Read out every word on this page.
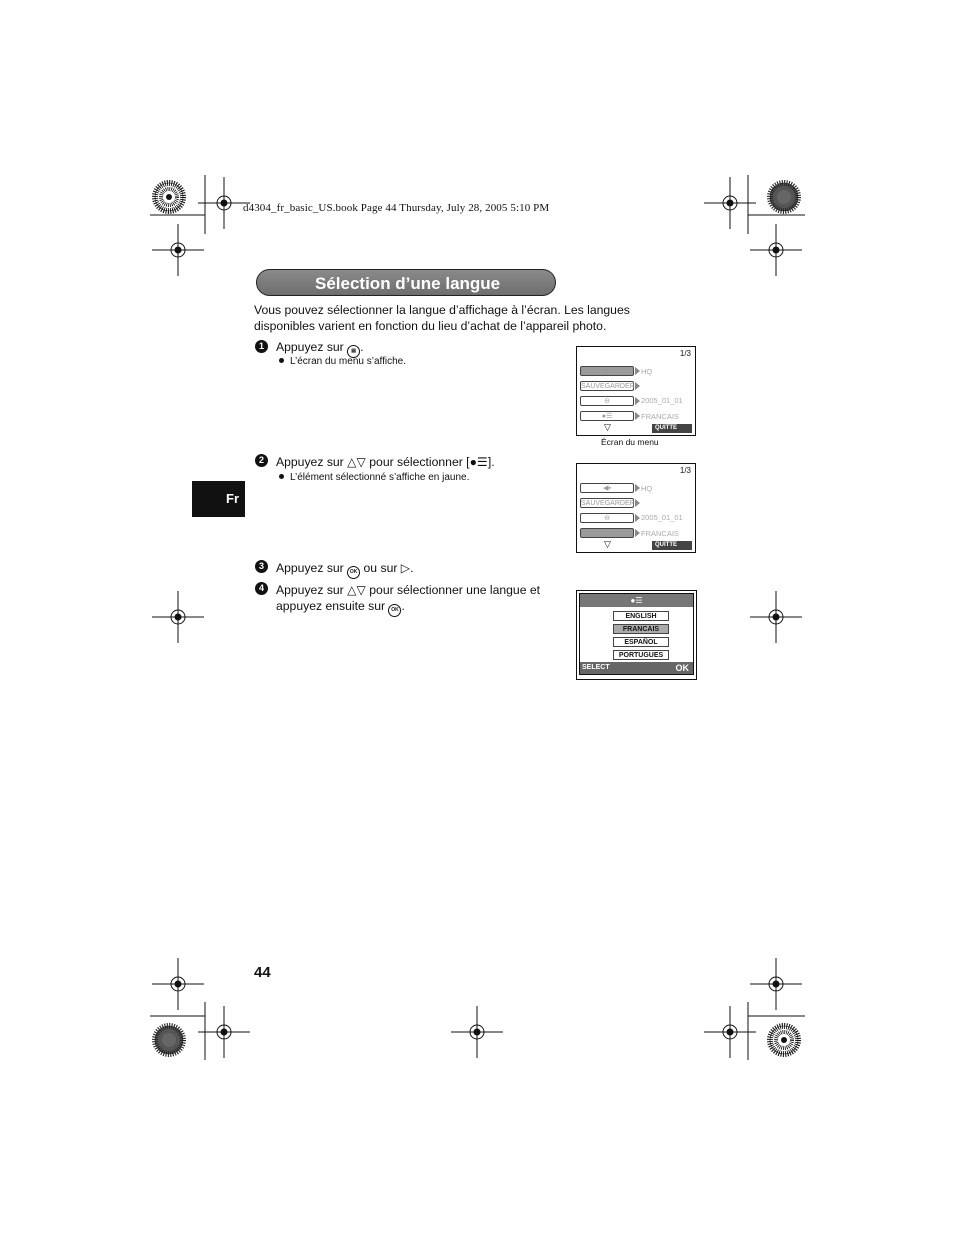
d4304_fr_basic_US.book Page 44 Thursday, July 28, 2005 5:10 PM
Sélection d’une langue
Vous pouvez sélectionner la langue d’affichage à l’écran. Les langues disponibles varient en fonction du lieu d’achat de l’appareil photo.
Fr
1 Appuyez sur ▤ .
L’écran du menu s’affiche.
1/3
◀▪	HQ
SAUVEGARDER
⊖	2005_01_01
●☰	FRANCAIS
▽	QUITTE
Écran du menu
2 Appuyez sur △▽ pour sélectionner [●☰].
L’élément sélectionné s’affiche en jaune.
1/3
◀▪	HQ
SAUVEGARDER
⊖	2005_01_01
●☰	FRANCAIS
▽	QUITTE
3 Appuyez sur OK ou sur ▷.
4 Appuyez sur △▽ pour sélectionner une langue et
appuyez ensuite sur OK .	●☰
ENGLISH
FRANCAIS
ESPAÑOL
PORTUGUES
SELECT	OK
44
